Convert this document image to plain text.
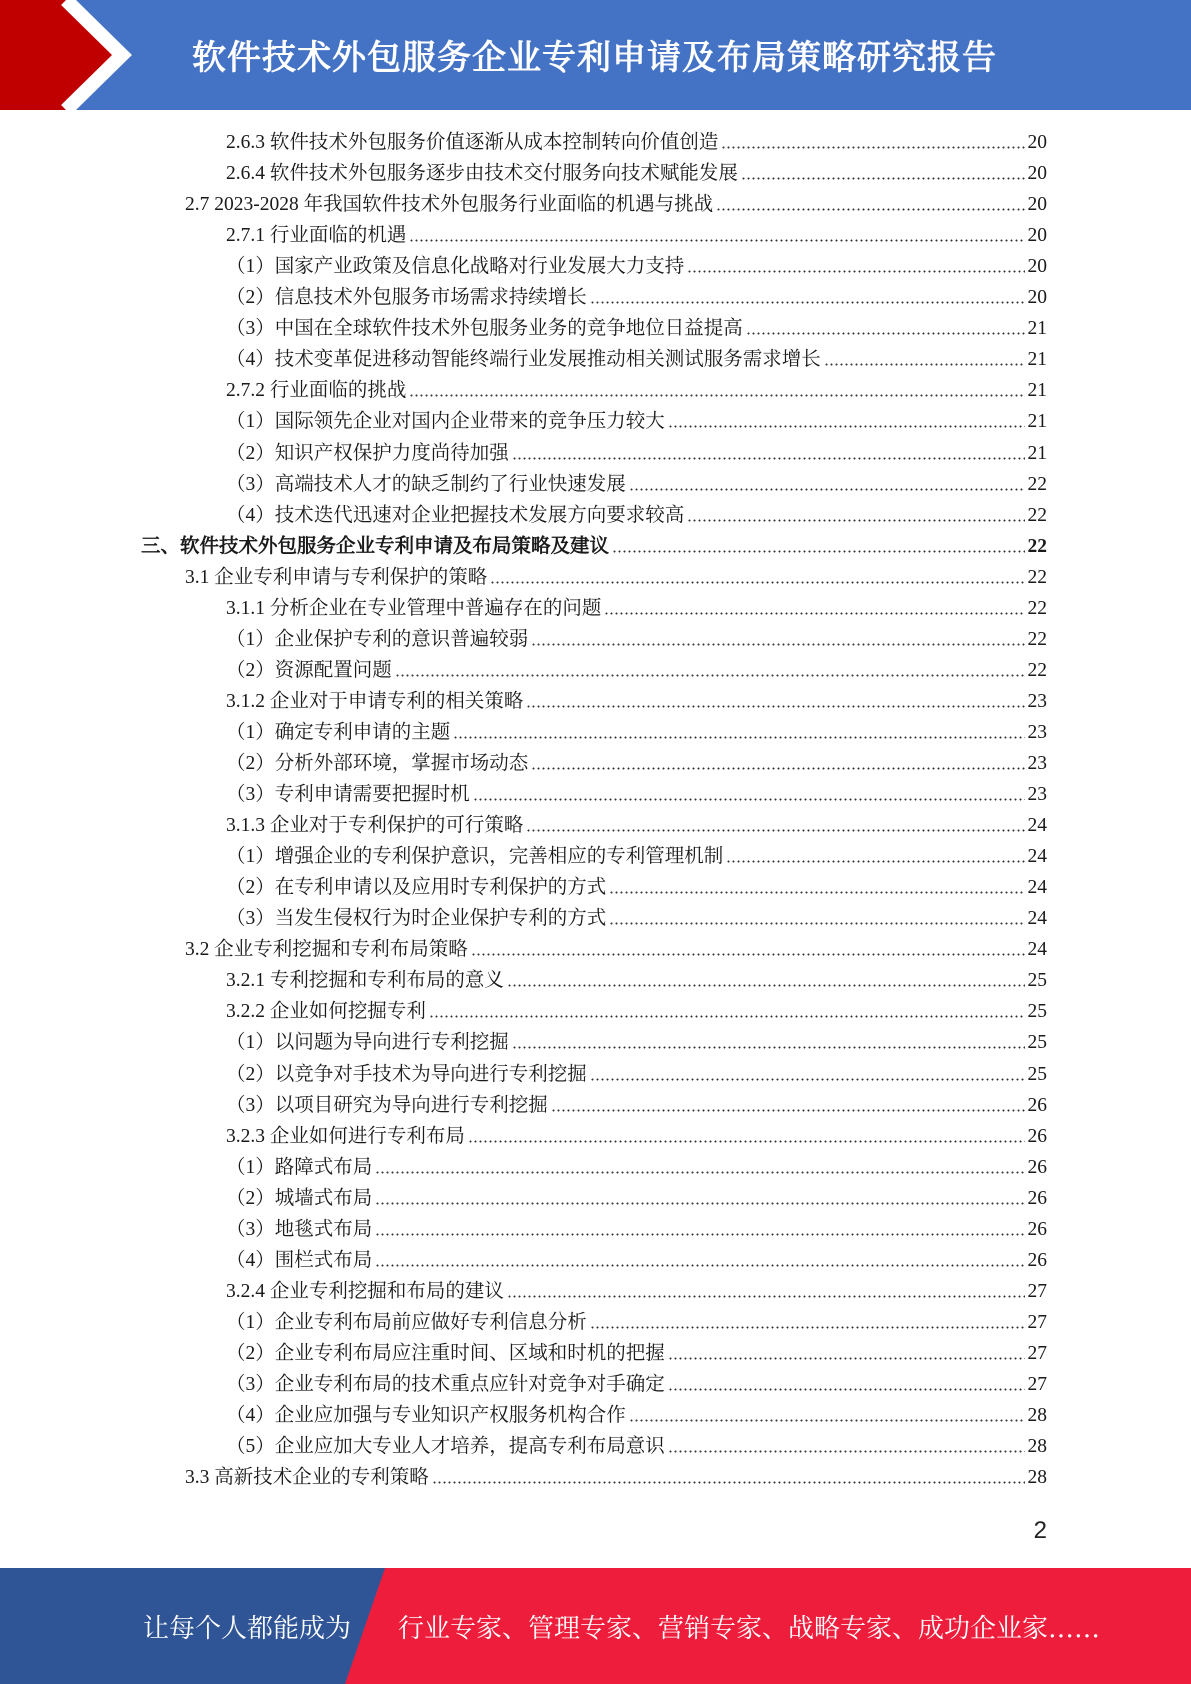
软件技术外包服务企业专利申请及布局策略研究报告
2.6.3 软件技术外包服务价值逐渐从成本控制转向价值创造	20
2.6.4 软件技术外包服务逐步由技术交付服务向技术赋能发展	20
2.7 2023-2028 年我国软件技术外包服务行业面临的机遇与挑战	20
2.7.1 行业面临的机遇	20
（1）国家产业政策及信息化战略对行业发展大力支持	20
（2）信息技术外包服务市场需求持续增长	20
（3）中国在全球软件技术外包服务业务的竞争地位日益提高	21
（4）技术变革促进移动智能终端行业发展推动相关测试服务需求增长	21
2.7.2 行业面临的挑战	21
（1）国际领先企业对国内企业带来的竞争压力较大	21
（2）知识产权保护力度尚待加强	21
（3）高端技术人才的缺乏制约了行业快速发展	22
（4）技术迭代迅速对企业把握技术发展方向要求较高	22
三、软件技术外包服务企业专利申请及布局策略及建议	22
3.1 企业专利申请与专利保护的策略	22
3.1.1 分析企业在专业管理中普遍存在的问题	22
（1）企业保护专利的意识普遍较弱	22
（2）资源配置问题	22
3.1.2 企业对于申请专利的相关策略	23
（1）确定专利申请的主题	23
（2）分析外部环境，掌握市场动态	23
（3）专利申请需要把握时机	23
3.1.3 企业对于专利保护的可行策略	24
（1）增强企业的专利保护意识，完善相应的专利管理机制	24
（2）在专利申请以及应用时专利保护的方式	24
（3）当发生侵权行为时企业保护专利的方式	24
3.2 企业专利挖掘和专利布局策略	24
3.2.1 专利挖掘和专利布局的意义	25
3.2.2 企业如何挖掘专利	25
（1）以问题为导向进行专利挖掘	25
（2）以竞争对手技术为导向进行专利挖掘	25
（3）以项目研究为导向进行专利挖掘	26
3.2.3 企业如何进行专利布局	26
（1）路障式布局	26
（2）城墙式布局	26
（3）地毯式布局	26
（4）围栏式布局	26
3.2.4 企业专利挖掘和布局的建议	27
（1）企业专利布局前应做好专利信息分析	27
（2）企业专利布局应注重时间、区域和时机的把握	27
（3）企业专利布局的技术重点应针对竞争对手确定	27
（4）企业应加强与专业知识产权服务机构合作	28
（5）企业应加大专业人才培养，提高专利布局意识	28
3.3 高新技术企业的专利策略	28
2
让每个人都能成为 行业专家、管理专家、营销专家、战略专家、成功企业家……
